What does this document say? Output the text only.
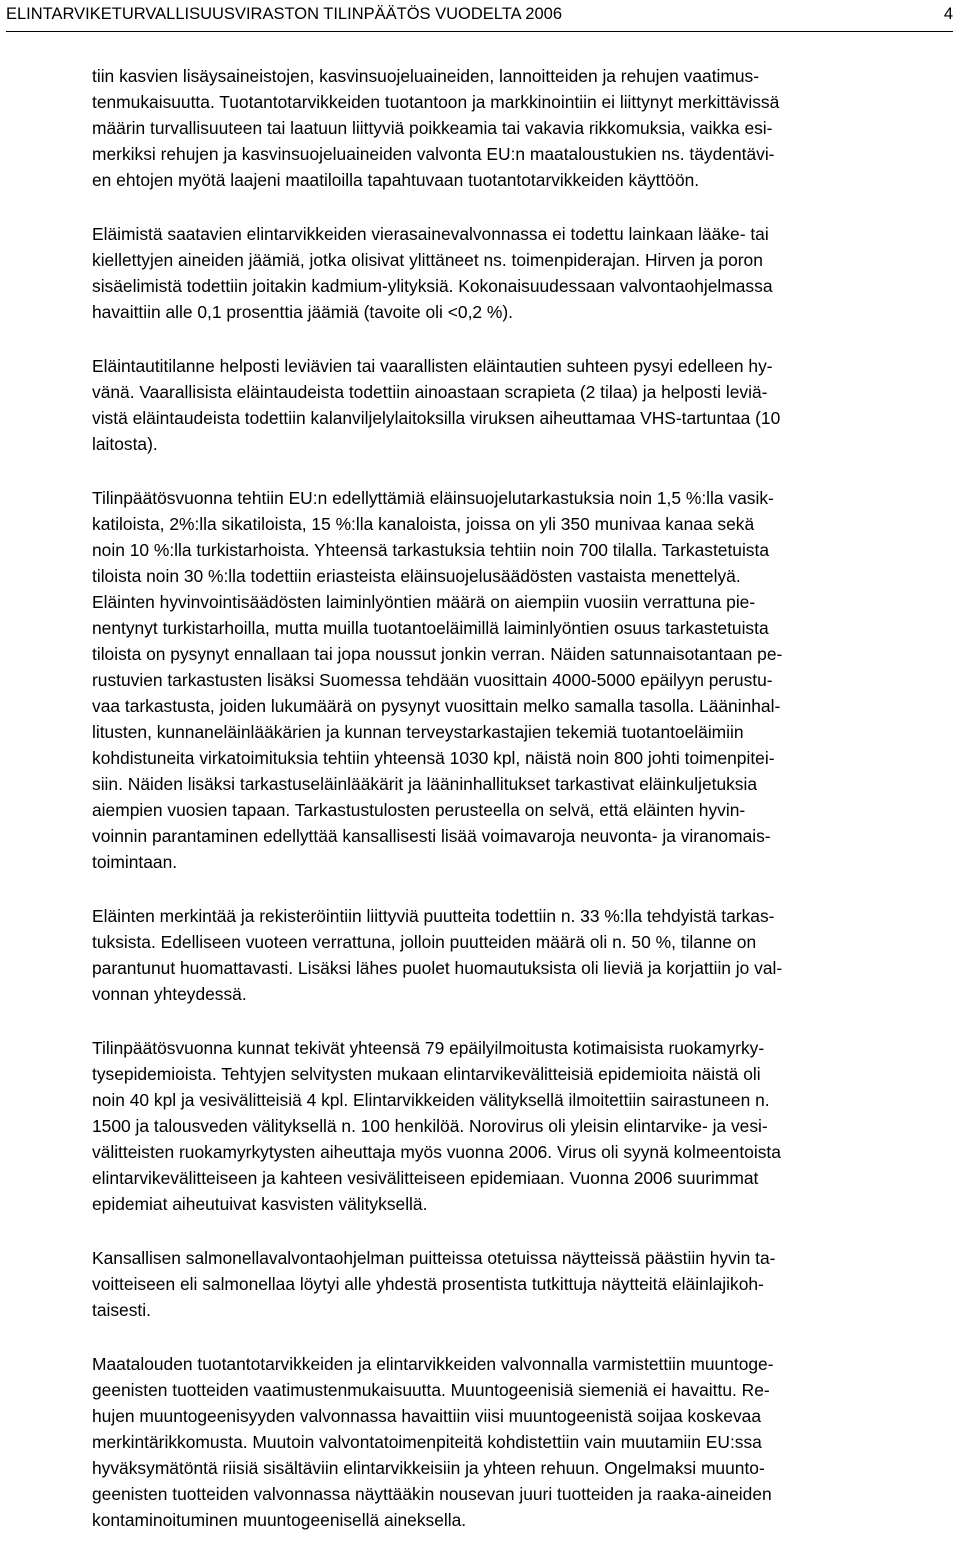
ELINTARVIKETURVALLISUUSVIRASTON TILINPÄÄTÖS VUODELTA 2006	4

tiin kasvien lisäysaineistojen, kasvinsuojeluaineiden, lannoitteiden ja rehujen vaatimus-
tenmukaisuutta. Tuotantotarvikkeiden tuotantoon ja markkinointiin ei liittynyt merkittävissä
määrin turvallisuuteen tai laatuun liittyviä poikkeamia tai vakavia rikkomuksia, vaikka esi-
merkiksi rehujen ja kasvinsuojeluaineiden valvonta EU:n maataloustukien ns. täydentävi-
en ehtojen myötä laajeni maatiloilla tapahtuvaan tuotantotarvikkeiden käyttöön.

Eläimistä saatavien elintarvikkeiden vierasainevalvonnassa ei todettu lainkaan lääke- tai
kiellettyjen aineiden jäämiä, jotka olisivat ylittäneet ns. toimenpiderajan. Hirven ja poron
sisäelimistä todettiin joitakin kadmium-ylityksiä. Kokonaisuudessaan valvontaohjelmassa
havaittiin alle 0,1 prosenttia jäämiä (tavoite oli <0,2 %).

Eläintautitilanne helposti leviävien tai vaarallisten eläintautien suhteen pysyi edelleen hy-
vänä. Vaarallisista eläintaudeista todettiin ainoastaan scrapieta (2 tilaa) ja helposti leviä-
vistä eläintaudeista todettiin kalanviljelylaitoksilla viruksen aiheuttamaa VHS-tartuntaa (10
laitosta).

Tilinpäätösvuonna tehtiin EU:n edellyttämiä eläinsuojelutarkastuksia noin 1,5 %:lla vasik-
katiloista, 2%:lla sikatiloista, 15 %:lla kanaloista, joissa on yli 350 munivaa kanaa sekä
noin 10 %:lla turkistarhoista. Yhteensä tarkastuksia tehtiin noin 700 tilalla. Tarkastetuista
tiloista noin 30 %:lla todettiin eriasteista eläinsuojelusäädösten vastaista menettelyä.
Eläinten hyvinvointisäädösten laiminlyöntien määrä on aiempiin vuosiin verrattuna pie-
nentynyt turkistarhoilla, mutta muilla tuotantoeläimillä laiminlyöntien osuus tarkastetuista
tiloista on pysynyt ennallaan tai jopa noussut jonkin verran. Näiden satunnaisotantaan pe-
rustuvien tarkastusten lisäksi Suomessa tehdään vuosittain 4000-5000 epäilyyn perustu-
vaa tarkastusta, joiden lukumäärä on pysynyt vuosittain melko samalla tasolla. Lääninhal-
litusten, kunnaneläinlääkärien ja kunnan terveystarkastajien tekemiä tuotantoeläimiin
kohdistuneita virkatoimituksia tehtiin yhteensä 1030 kpl, näistä noin 800 johti toimenpitei-
siin. Näiden lisäksi tarkastuseläinlääkärit ja lääninhallitukset tarkastivat eläinkuljetuksia
aiempien vuosien tapaan. Tarkastustulosten perusteella on selvä, että eläinten hyvin-
voinnin parantaminen edellyttää kansallisesti lisää voimavaroja neuvonta- ja viranomais-
toimintaan.

Eläinten merkintää ja rekisteröintiin liittyviä puutteita todettiin n. 33 %:lla tehdyistä tarkas-
tuksista. Edelliseen vuoteen verrattuna, jolloin puutteiden määrä oli n. 50 %, tilanne on
parantunut huomattavasti. Lisäksi lähes puolet huomautuksista oli lieviä ja korjattiin jo val-
vonnan yhteydessä.

Tilinpäätösvuonna kunnat tekivät yhteensä 79 epäilyilmoitusta kotimaisista ruokamyrky-
tysepidemioista. Tehtyjen selvitysten mukaan elintarvikevälitteisiä epidemioita näistä oli
noin 40 kpl ja vesivälitteisiä 4 kpl. Elintarvikkeiden välityksellä ilmoitettiin sairastuneen n.
1500 ja talousveden välityksellä n. 100 henkilöä. Norovirus oli yleisin elintarvike- ja vesi-
välitteisten ruokamyrkytysten aiheuttaja myös vuonna 2006. Virus oli syynä kolmeentoista
elintarvikevälitteiseen ja kahteen vesivälitteiseen epidemiaan. Vuonna 2006 suurimmat
epidemiat aiheutuivat kasvisten välityksellä.

Kansallisen salmonellavalvontaohjelman puitteissa otetuissa näytteissä päästiin hyvin ta-
voitteiseen eli salmonellaa löytyi alle yhdestä prosentista tutkittuja näytteitä eläinlajikoh-
taisesti.

Maatalouden tuotantotarvikkeiden ja elintarvikkeiden valvonnalla varmistettiin muuntoge-
geenisten tuotteiden vaatimustenmukaisuutta. Muuntogeenisiä siemeniä ei havaittu. Re-
hujen muuntogeenisyyden valvonnassa havaittiin viisi muuntogeenistä soijaa koskevaa
merkintärikkomusta. Muutoin valvontatoimenpiteitä kohdistettiin vain muutamiin EU:ssa
hyväksymätöntä riisiä sisältäviin elintarvikkeisiin ja yhteen rehuun. Ongelmaksi muunto-
geenisten tuotteiden valvonnassa näyttääkin nousevan juuri tuotteiden ja raaka-aineiden
kontaminoituminen muuntogeenisellä aineksella.
